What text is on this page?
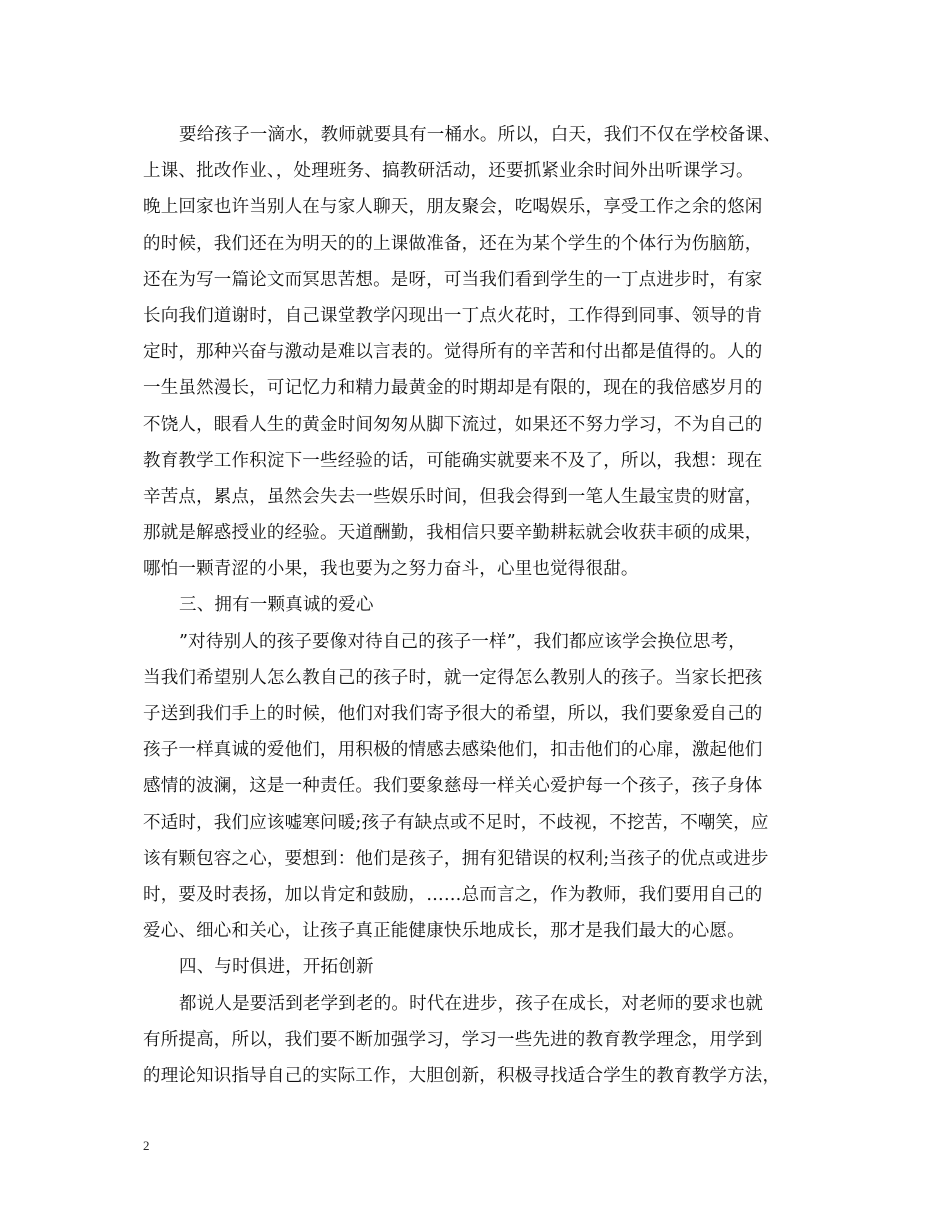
要给孩子一滴水，教师就要具有一桶水。所以，白天，我们不仅在学校备课、
上课、批改作业、，处理班务、搞教研活动，还要抓紧业余时间外出听课学习。
晚上回家也许当别人在与家人聊天，朋友聚会，吃喝娱乐，享受工作之余的悠闲
的时候，我们还在为明天的的上课做准备，还在为某个学生的个体行为伤脑筋，
还在为写一篇论文而冥思苦想。是呀，可当我们看到学生的一丁点进步时，有家
长向我们道谢时，自己课堂教学闪现出一丁点火花时，工作得到同事、领导的肯
定时，那种兴奋与激动是难以言表的。觉得所有的辛苦和付出都是值得的。人的
一生虽然漫长，可记忆力和精力最黄金的时期却是有限的，现在的我倍感岁月的
不饶人，眼看人生的黄金时间匆匆从脚下流过，如果还不努力学习，不为自己的
教育教学工作积淀下一些经验的话，可能确实就要来不及了，所以，我想：现在
辛苦点，累点，虽然会失去一些娱乐时间，但我会得到一笔人生最宝贵的财富，
那就是解惑授业的经验。天道酬勤，我相信只要辛勤耕耘就会收获丰硕的成果，
哪怕一颗青涩的小果，我也要为之努力奋斗，心里也觉得很甜。
三、拥有一颗真诚的爱心
”对待别人的孩子要像对待自己的孩子一样”，我们都应该学会换位思考，
当我们希望别人怎么教自己的孩子时，就一定得怎么教别人的孩子。当家长把孩
子送到我们手上的时候，他们对我们寄予很大的希望，所以，我们要象爱自己的
孩子一样真诚的爱他们，用积极的情感去感染他们，扣击他们的心扉，激起他们
感情的波澜，这是一种责任。我们要象慈母一样关心爱护每一个孩子，孩子身体
不适时，我们应该嘘寒问暖;孩子有缺点或不足时，不歧视，不挖苦，不嘲笑，应
该有颗包容之心，要想到：他们是孩子，拥有犯错误的权利;当孩子的优点或进步
时，要及时表扬，加以肯定和鼓励，……总而言之，作为教师，我们要用自己的
爱心、细心和关心，让孩子真正能健康快乐地成长，那才是我们最大的心愿。
四、与时俱进，开拓创新
都说人是要活到老学到老的。时代在进步，孩子在成长，对老师的要求也就
有所提高，所以，我们要不断加强学习，学习一些先进的教育教学理念，用学到
的理论知识指导自己的实际工作，大胆创新，积极寻找适合学生的教育教学方法，
2
